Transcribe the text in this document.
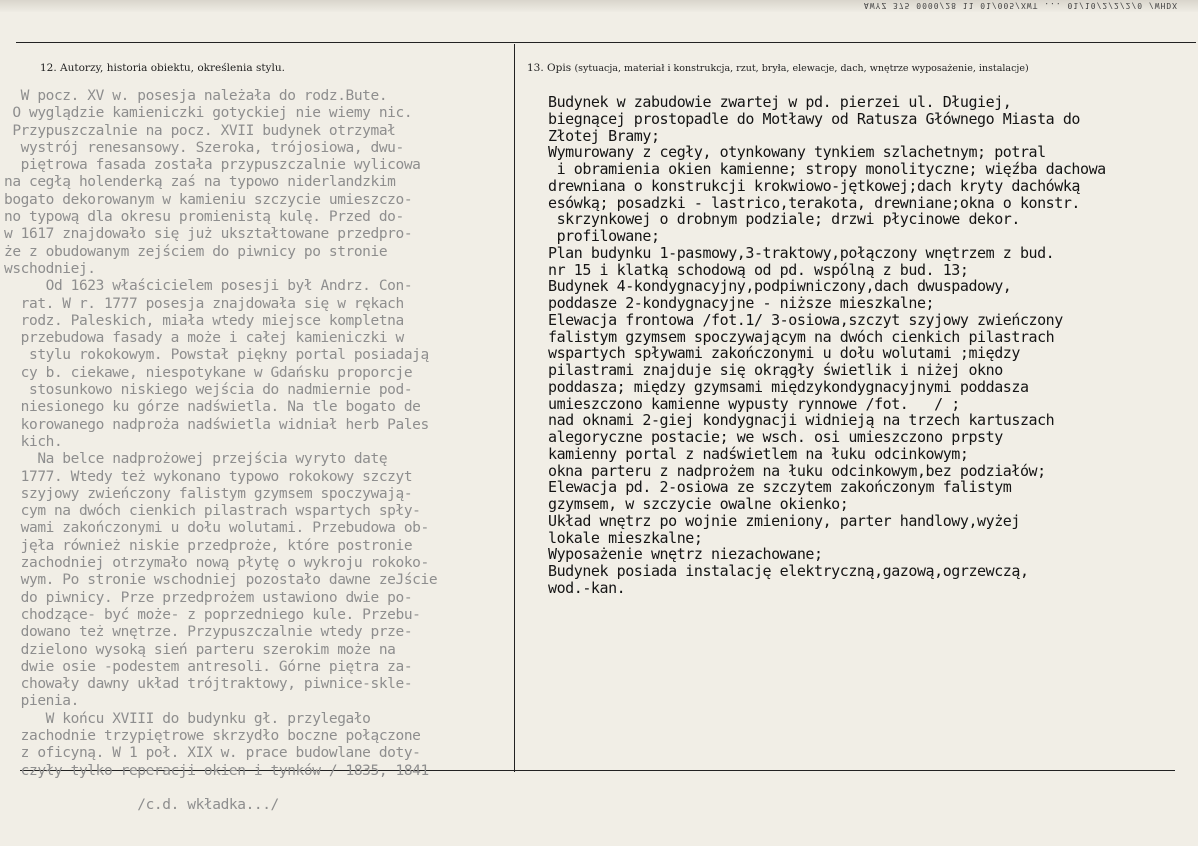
AWYZ 375 0000/28 11 01/005/XWT ... 01/10/2/2/2/0 /WHDX
12. Autorzy, historia obiektu, określenia stylu.	13. Opis (sytuacja, materiał i konstrukcja, rzut, bryła, elewacje, dach, wnętrze wyposażenie, instalacje)
W pocz. XV w. posesja należała do rodz.Bute.
O wyglądzie kamieniczki gotyckiej nie wiemy nic.
Przypuszczalnie na pocz. XVII budynek otrzymał
wystrój renesansowy. Szeroka, trójosiowa, dwu-
piętrowa fasada została przypuszczalnie wylicowa
na cegłą holenderką zaś na typowo niderlandzkim
bogato dekorowanym w kamieniu szczycie umieszczo-
no typową dla okresu promienistą kulę. Przed do-
w 1617 znajdowało się już ukształtowane przedpro-
że z obudowanym zejściem do piwnicy po stronie
wschodniej.
Od 1623 właścicielem posesji był Andrz. Con-
rat. W r. 1777 posesja znajdowała się w rękach
rodz. Paleskich, miała wtedy miejsce kompletna
przebudowa fasady a może i całej kamieniczki w
stylu rokokowym. Powstał piękny portal posiadają
cy b. ciekawe, niespotykane w Gdańsku proporcje
stosunkowo niskiego wejścia do nadmiernie pod-
niesionego ku górze nadświetla. Na tle bogato de
korowanego nadproża nadświetla widniał herb Pales
kich.
Na belce nadprożowej przejścia wyryto datę
1777. Wtedy też wykonano typowo rokokowy szczyt
szyjowy zwieńczony falistym gzymsem spoczywają-
cym na dwóch cienkich pilastrach wspartych spły-
wami zakończonymi u dołu wolutami. Przebudowa ob-
jęła również niskie przedproże, które postronie
zachodniej otrzymało nową płytę o wykroju rokoko-
wym. Po stronie wschodniej pozostało dawne zeJście
do piwnicy. Prze przedprożem ustawiono dwie po-
chodzące- być może- z poprzedniego kule. Przebu-
dowano też wnętrze. Przypuszczalnie wtedy prze-
dzielono wysoką sień parteru szerokim może na
dwie osie -podestem antresoli. Górne piętra za-
chowały dawny układ trójtraktowy, piwnice-skle-
pienia.
W końcu XVIII do budynku gł. przylegało
zachodnie trzypiętrowe skrzydło boczne połączone
z oficyną. W 1 poł. XIX w. prace budowlane doty-
czyły tylko reperacji okien i tynków / 1835, 1841

/c.d. wkładka.../
Budynek w zabudowie zwartej w pd. pierzei ul. Długiej,
biegnącej prostopadle do Motławy od Ratusza Głównego Miasta do
Złotej Bramy;
Wymurowany z cegły, otynkowany tynkiem szlachetnym; potral
i obramienia okien kamienne; stropy monolityczne; więźba dachowa
drewniana o konstrukcji krokwiowo-jętkowej;dach kryty dachówką
esówką; posadzki - lastrico,terakota, drewniane;okna o konstr.
skrzynkowej o drobnym podziale; drzwi płycinowe dekor.
profilowane;
Plan budynku 1-pasmowy,3-traktowy,połączony wnętrzem z bud.
nr 15 i klatką schodową od pd. wspólną z bud. 13;
Budynek 4-kondygnacyjny,podpiwniczony,dach dwuspadowy,
poddasze 2-kondygnacyjne - niższe mieszkalne;
Elewacja frontowa /fot.1/ 3-osiowa,szczyt szyjowy zwieńczony
falistym gzymsem spoczywającym na dwóch cienkich pilastrach
wspartych spływami zakończonymi u dołu wolutami ;między
pilastrami znajduje się okrągły świetlik i niżej okno
poddasza; między gzymsami międzykondygnacyjnymi poddasza
umieszczono kamienne wypusty rynnowe /fot.   / ;
nad oknami 2-giej kondygnacji widnieją na trzech kartuszach
alegoryczne postacie; we wsch. osi umieszczono prpsty
kamienny portal z nadświetlem na łuku odcinkowym;
okna parteru z nadprożem na łuku odcinkowym,bez podziałów;
Elewacja pd. 2-osiowa ze szczytem zakończonym falistym
gzymsem, w szczycie owalne okienko;
Układ wnętrz po wojnie zmieniony, parter handlowy,wyżej
lokale mieszkalne;
Wyposażenie wnętrz niezachowane;
Budynek posiada instalację elektryczną,gazową,ogrzewczą,
wod.-kan.
